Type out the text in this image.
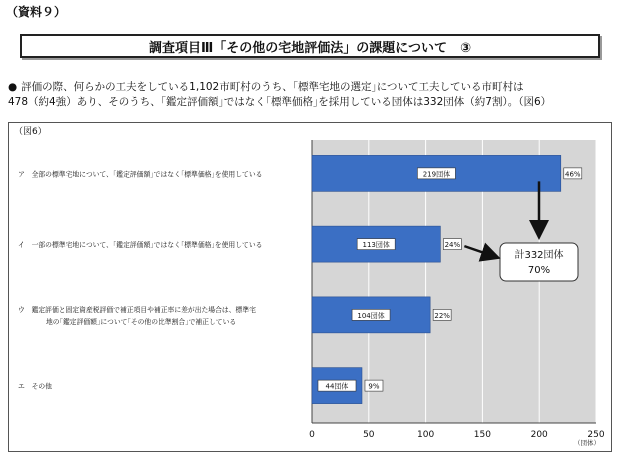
（資料９）
調査項目Ⅲ「その他の宅地評価法」の課題について　③
● 評価の際、何らかの工夫をしている1,102市町村のうち、｢標準宅地の選定｣について工夫している市町村は
478（約4強）あり、そのうち、｢鑑定評価額｣ではなく｢標準価格｣を採用している団体は332団体（約7割）。（図6）
（図6）
0	50	100	150	200	250
（団体）
219団体	46%
ア　全部の標準宅地について、｢鑑定評価額｣ではなく｢標準価格｣を使用している
113団体	24%
イ　一部の標準宅地について、｢鑑定評価額｣ではなく｢標準価格｣を使用している
104団体	22%
ウ　鑑定評価と固定資産税評価で補正項目や補正率に差が出た場合は、標準宅
地の｢鑑定評価額｣について｢その他の比準割合｣で補正している
44団体	9%
エ　その他
計332団体
70%
